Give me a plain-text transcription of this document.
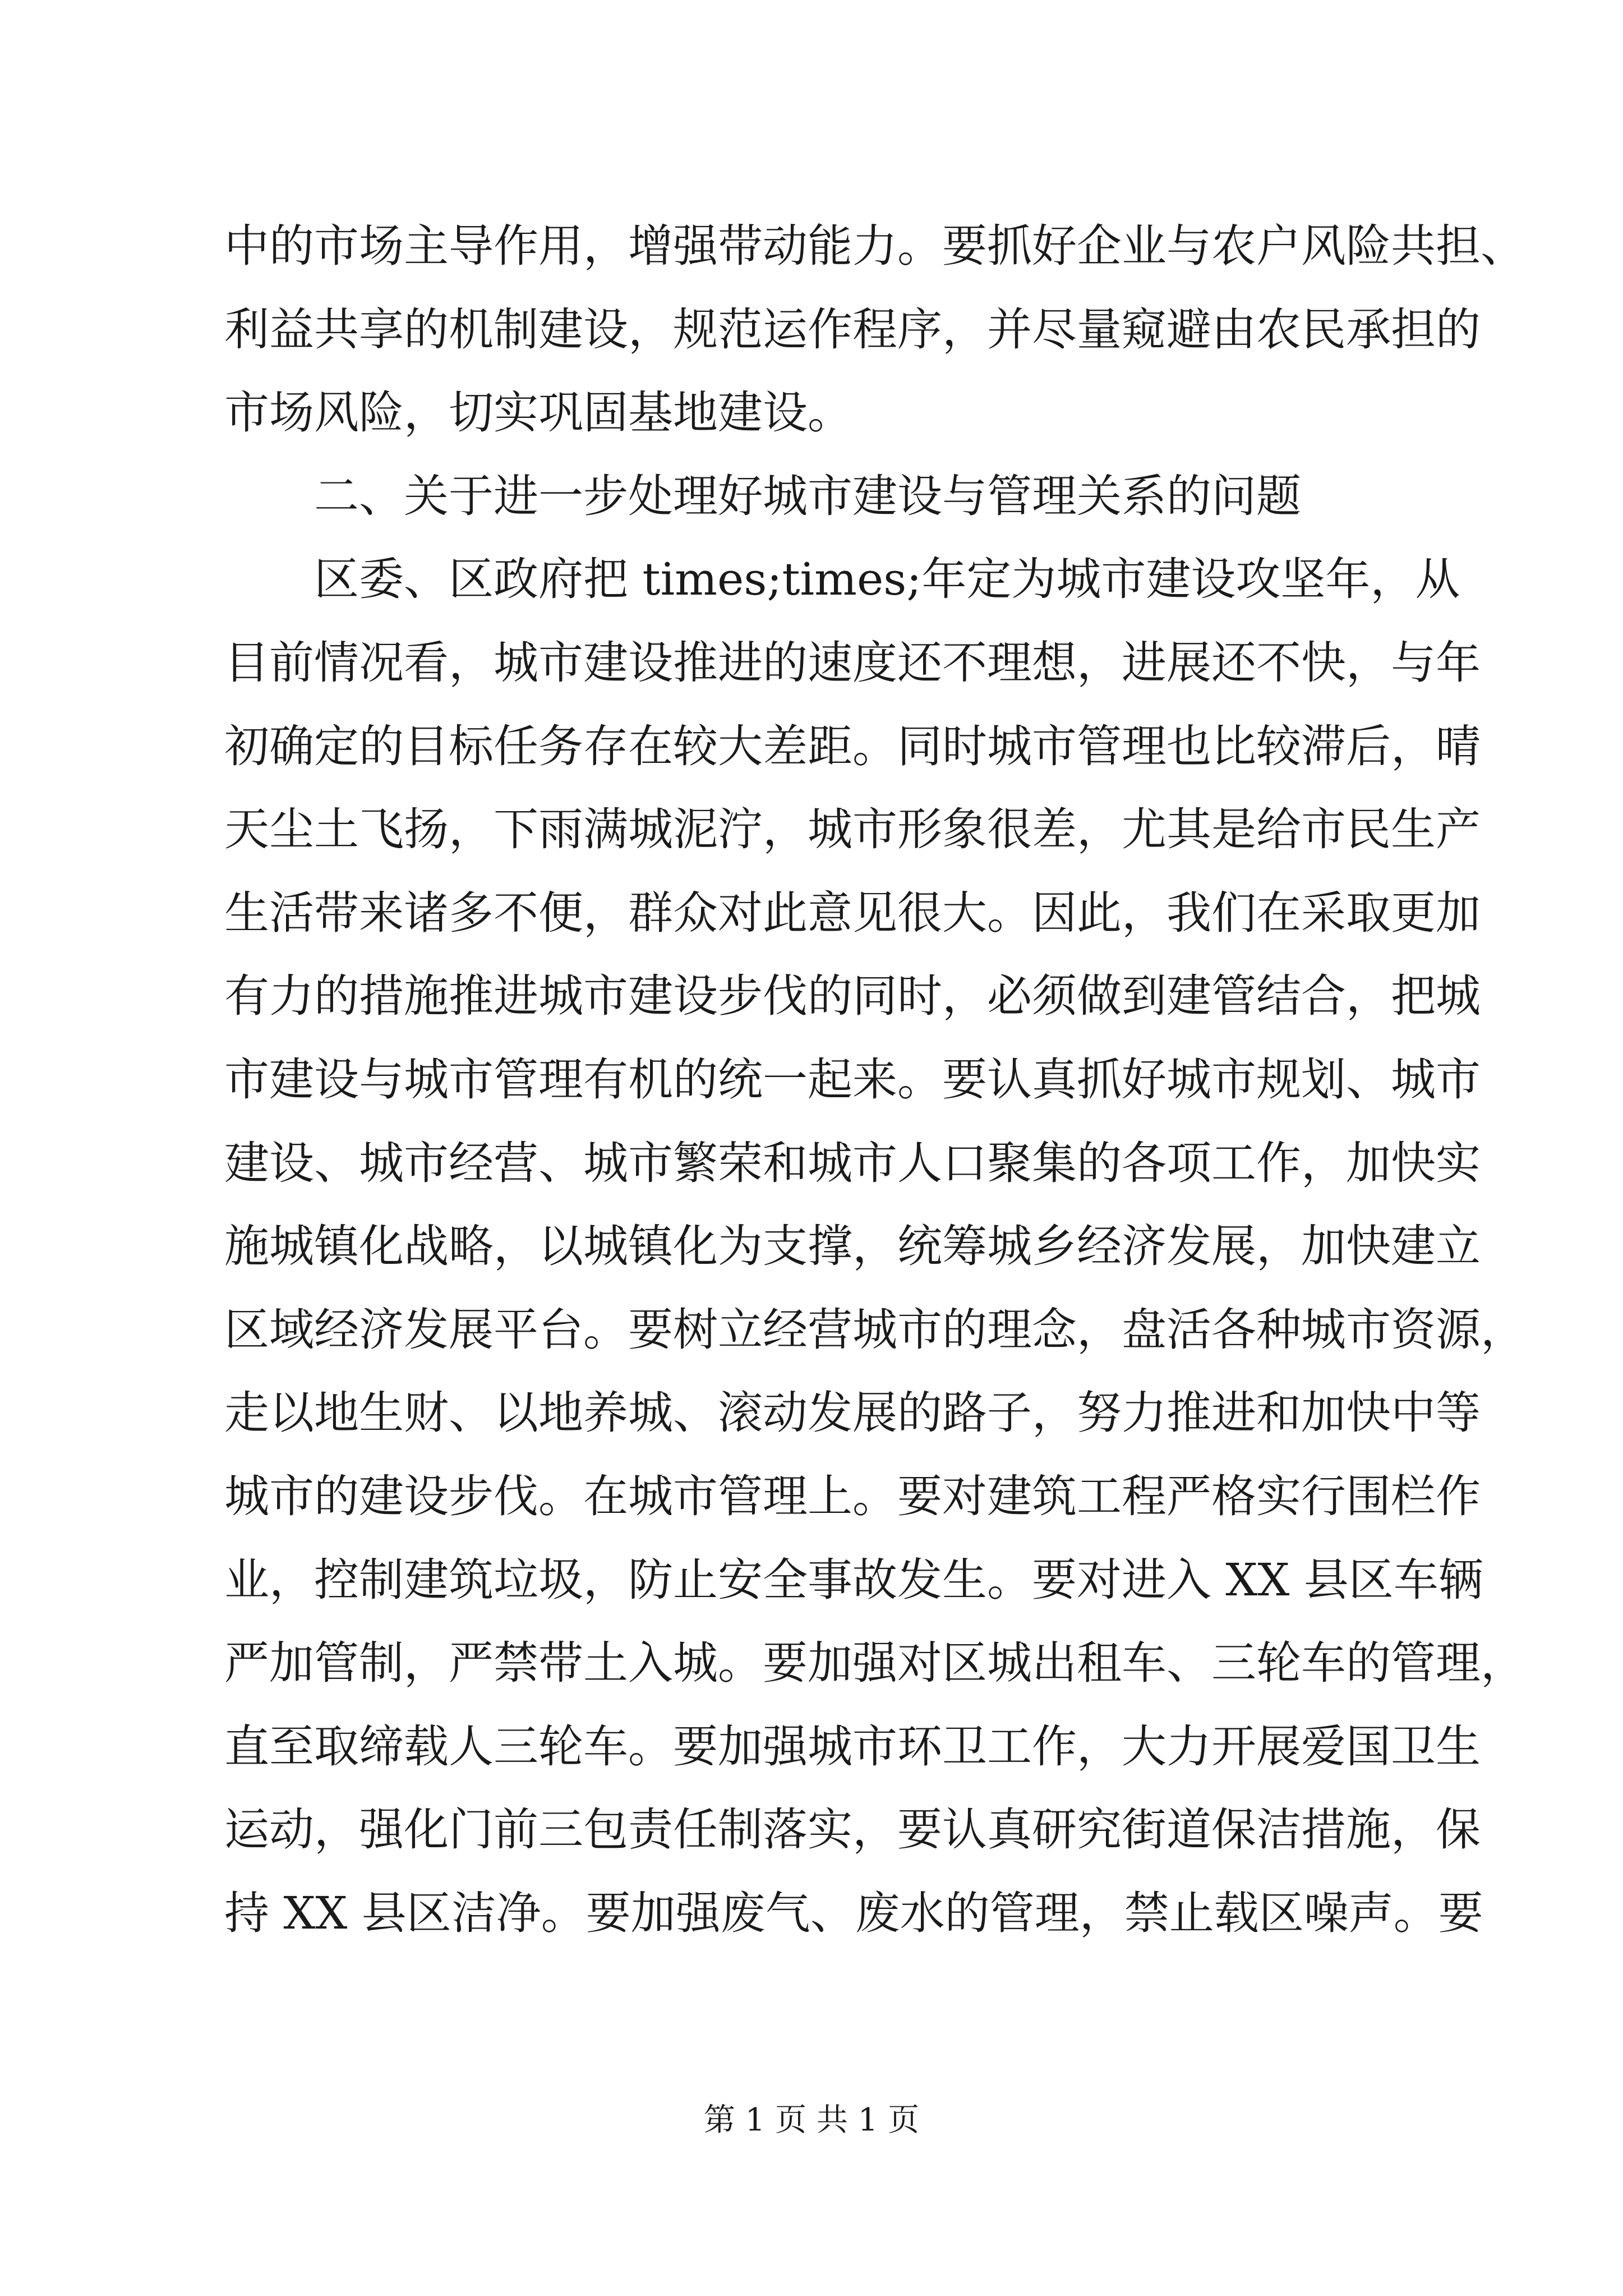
中的市场主导作用，增强带动能力。要抓好企业与农户风险共担、
利益共享的机制建设，规范运作程序，并尽量窥避由农民承担的
市场风险，切实巩固基地建设。
二、关于进一步处理好城市建设与管理关系的问题
区委、区政府把 times;times;年定为城市建设攻坚年，从
目前情况看，城市建设推进的速度还不理想，进展还不快，与年
初确定的目标任务存在较大差距。同时城市管理也比较滞后，晴
天尘土飞扬，下雨满城泥泞，城市形象很差，尤其是给市民生产
生活带来诸多不便，群众对此意见很大。因此，我们在采取更加
有力的措施推进城市建设步伐的同时，必须做到建管结合，把城
市建设与城市管理有机的统一起来。要认真抓好城市规划、城市
建设、城市经营、城市繁荣和城市人口聚集的各项工作，加快实
施城镇化战略，以城镇化为支撑，统筹城乡经济发展，加快建立
区域经济发展平台。要树立经营城市的理念，盘活各种城市资源，
走以地生财、以地养城、滚动发展的路子，努力推进和加快中等
城市的建设步伐。在城市管理上。要对建筑工程严格实行围栏作
业，控制建筑垃圾，防止安全事故发生。要对进入 XX 县区车辆
严加管制，严禁带土入城。要加强对区城出租车、三轮车的管理，
直至取缔载人三轮车。要加强城市环卫工作，大力开展爱国卫生
运动，强化门前三包责任制落实，要认真研究街道保洁措施，保
持 XX 县区洁净。要加强废气、废水的管理，禁止载区噪声。要
第 1 页 共 1 页
